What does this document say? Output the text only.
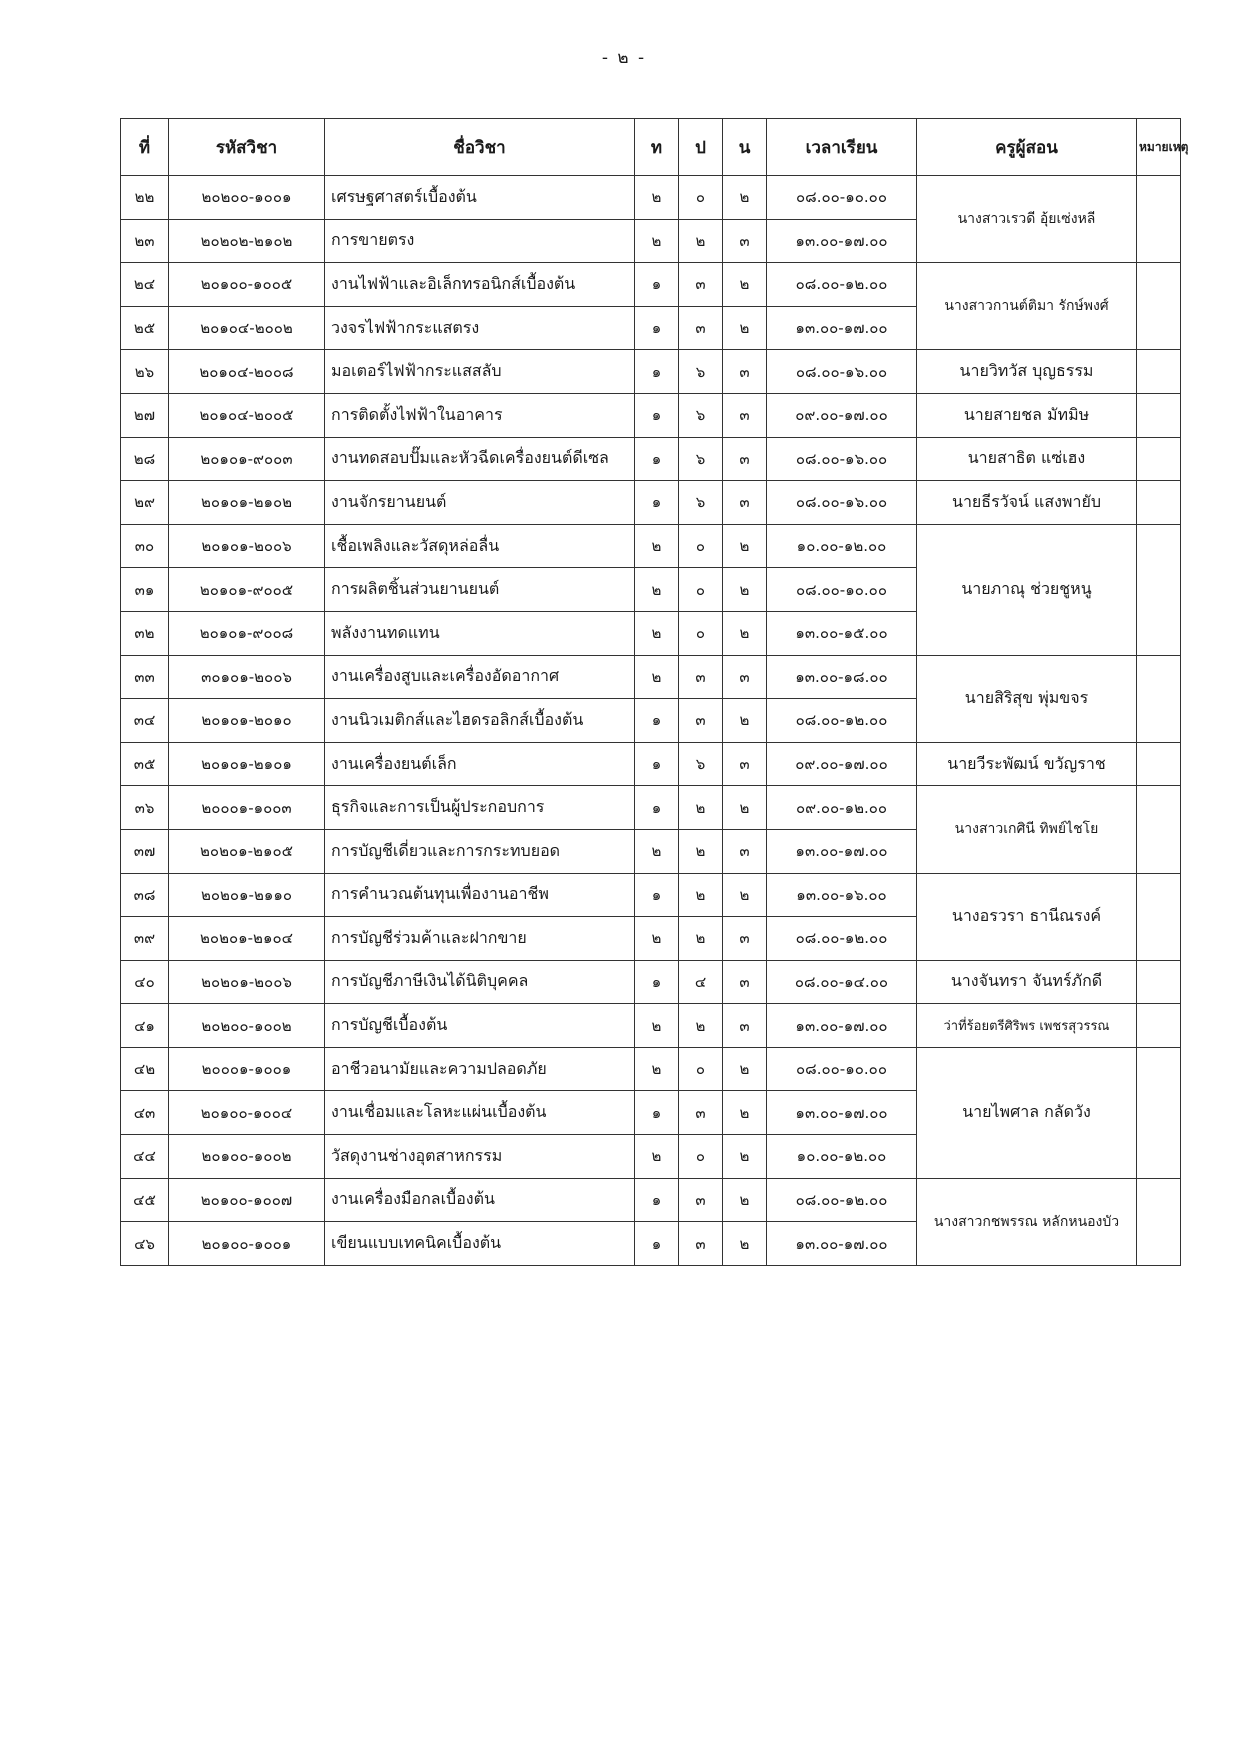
- ๒ -
ที่	รหัสวิชา	ชื่อวิชา	ท	ป	น	เวลาเรียน	ครูผู้สอน	หมายเหตุ
๒๒	๒๐๒๐๐-๑๐๐๑	เศรษฐศาสตร์เบื้องต้น	๒	๐	๒	๐๘.๐๐-๑๐.๐๐	นางสาวเรวดี อุ้ยเซ่งหลี	
๒๓	๒๐๒๐๒-๒๑๐๒	การขายตรง	๒	๒	๓	๑๓.๐๐-๑๗.๐๐		
๒๔	๒๐๑๐๐-๑๐๐๕	งานไฟฟ้าและอิเล็กทรอนิกส์เบื้องต้น	๑	๓	๒	๐๘.๐๐-๑๒.๐๐	นางสาวกานต์ติมา รักษ์พงศ์	
๒๕	๒๐๑๐๔-๒๐๐๒	วงจรไฟฟ้ากระแสตรง	๑	๓	๒	๑๓.๐๐-๑๗.๐๐		
๒๖	๒๐๑๐๔-๒๐๐๘	มอเตอร์ไฟฟ้ากระแสสลับ	๑	๖	๓	๐๘.๐๐-๑๖.๐๐	นายวิทวัส บุญธรรม	
๒๗	๒๐๑๐๔-๒๐๐๕	การติดตั้งไฟฟ้าในอาคาร	๑	๖	๓	๐๙.๐๐-๑๗.๐๐	นายสายชล มัทมิษ	
๒๘	๒๐๑๐๑-๙๐๐๓	งานทดสอบปั๊มและหัวฉีดเครื่องยนต์ดีเซล	๑	๖	๓	๐๘.๐๐-๑๖.๐๐	นายสาธิต แซ่เฮง	
๒๙	๒๐๑๐๑-๒๑๐๒	งานจักรยานยนต์	๑	๖	๓	๐๘.๐๐-๑๖.๐๐	นายธีรวัจน์ แสงพายับ	
๓๐	๒๐๑๐๑-๒๐๐๖	เชื้อเพลิงและวัสดุหล่อลื่น	๒	๐	๒	๑๐.๐๐-๑๒.๐๐	นายภาณุ ช่วยชูหนู	
๓๑	๒๐๑๐๑-๙๐๐๕	การผลิตชิ้นส่วนยานยนต์	๒	๐	๒	๐๘.๐๐-๑๐.๐๐		
๓๒	๒๐๑๐๑-๙๐๐๘	พลังงานทดแทน	๒	๐	๒	๑๓.๐๐-๑๕.๐๐		
๓๓	๓๐๑๐๑-๒๐๐๖	งานเครื่องสูบและเครื่องอัดอากาศ	๒	๓	๓	๑๓.๐๐-๑๘.๐๐	นายสิริสุข พุ่มขจร	
๓๔	๒๐๑๐๑-๒๐๑๐	งานนิวเมติกส์และไฮดรอลิกส์เบื้องต้น	๑	๓	๒	๐๘.๐๐-๑๒.๐๐		
๓๕	๒๐๑๐๑-๒๑๐๑	งานเครื่องยนต์เล็ก	๑	๖	๓	๐๙.๐๐-๑๗.๐๐	นายวีระพัฒน์ ขวัญราช	
๓๖	๒๐๐๐๑-๑๐๐๓	ธุรกิจและการเป็นผู้ประกอบการ	๑	๒	๒	๐๙.๐๐-๑๒.๐๐	นางสาวเกศินี ทิพย์ไชโย	
๓๗	๒๐๒๐๑-๒๑๐๕	การบัญชีเดี่ยวและการกระทบยอด	๒	๒	๓	๑๓.๐๐-๑๗.๐๐		
๓๘	๒๐๒๐๑-๒๑๑๐	การคำนวณต้นทุนเพื่องานอาชีพ	๑	๒	๒	๑๓.๐๐-๑๖.๐๐	นางอรวรา ธานีณรงค์	
๓๙	๒๐๒๐๑-๒๑๐๔	การบัญชีร่วมค้าและฝากขาย	๒	๒	๓	๐๘.๐๐-๑๒.๐๐		
๔๐	๒๐๒๐๑-๒๐๐๖	การบัญชีภาษีเงินได้นิติบุคคล	๑	๔	๓	๐๘.๐๐-๑๔.๐๐	นางจันทรา จันทร์ภักดี	
๔๑	๒๐๒๐๐-๑๐๐๒	การบัญชีเบื้องต้น	๒	๒	๓	๑๓.๐๐-๑๗.๐๐	ว่าที่ร้อยตรีศิริพร เพชรสุวรรณ	
๔๒	๒๐๐๐๑-๑๐๐๑	อาชีวอนามัยและความปลอดภัย	๒	๐	๒	๐๘.๐๐-๑๐.๐๐	นายไพศาล กลัดวัง	
๔๓	๒๐๑๐๐-๑๐๐๔	งานเชื่อมและโลหะแผ่นเบื้องต้น	๑	๓	๒	๑๓.๐๐-๑๗.๐๐		
๔๔	๒๐๑๐๐-๑๐๐๒	วัสดุงานช่างอุตสาหกรรม	๒	๐	๒	๑๐.๐๐-๑๒.๐๐		
๔๕	๒๐๑๐๐-๑๐๐๗	งานเครื่องมือกลเบื้องต้น	๑	๓	๒	๐๘.๐๐-๑๒.๐๐	นางสาวกชพรรณ หลักหนองบัว	
๔๖	๒๐๑๐๐-๑๐๐๑	เขียนแบบเทคนิคเบื้องต้น	๑	๓	๒	๑๓.๐๐-๑๗.๐๐		
